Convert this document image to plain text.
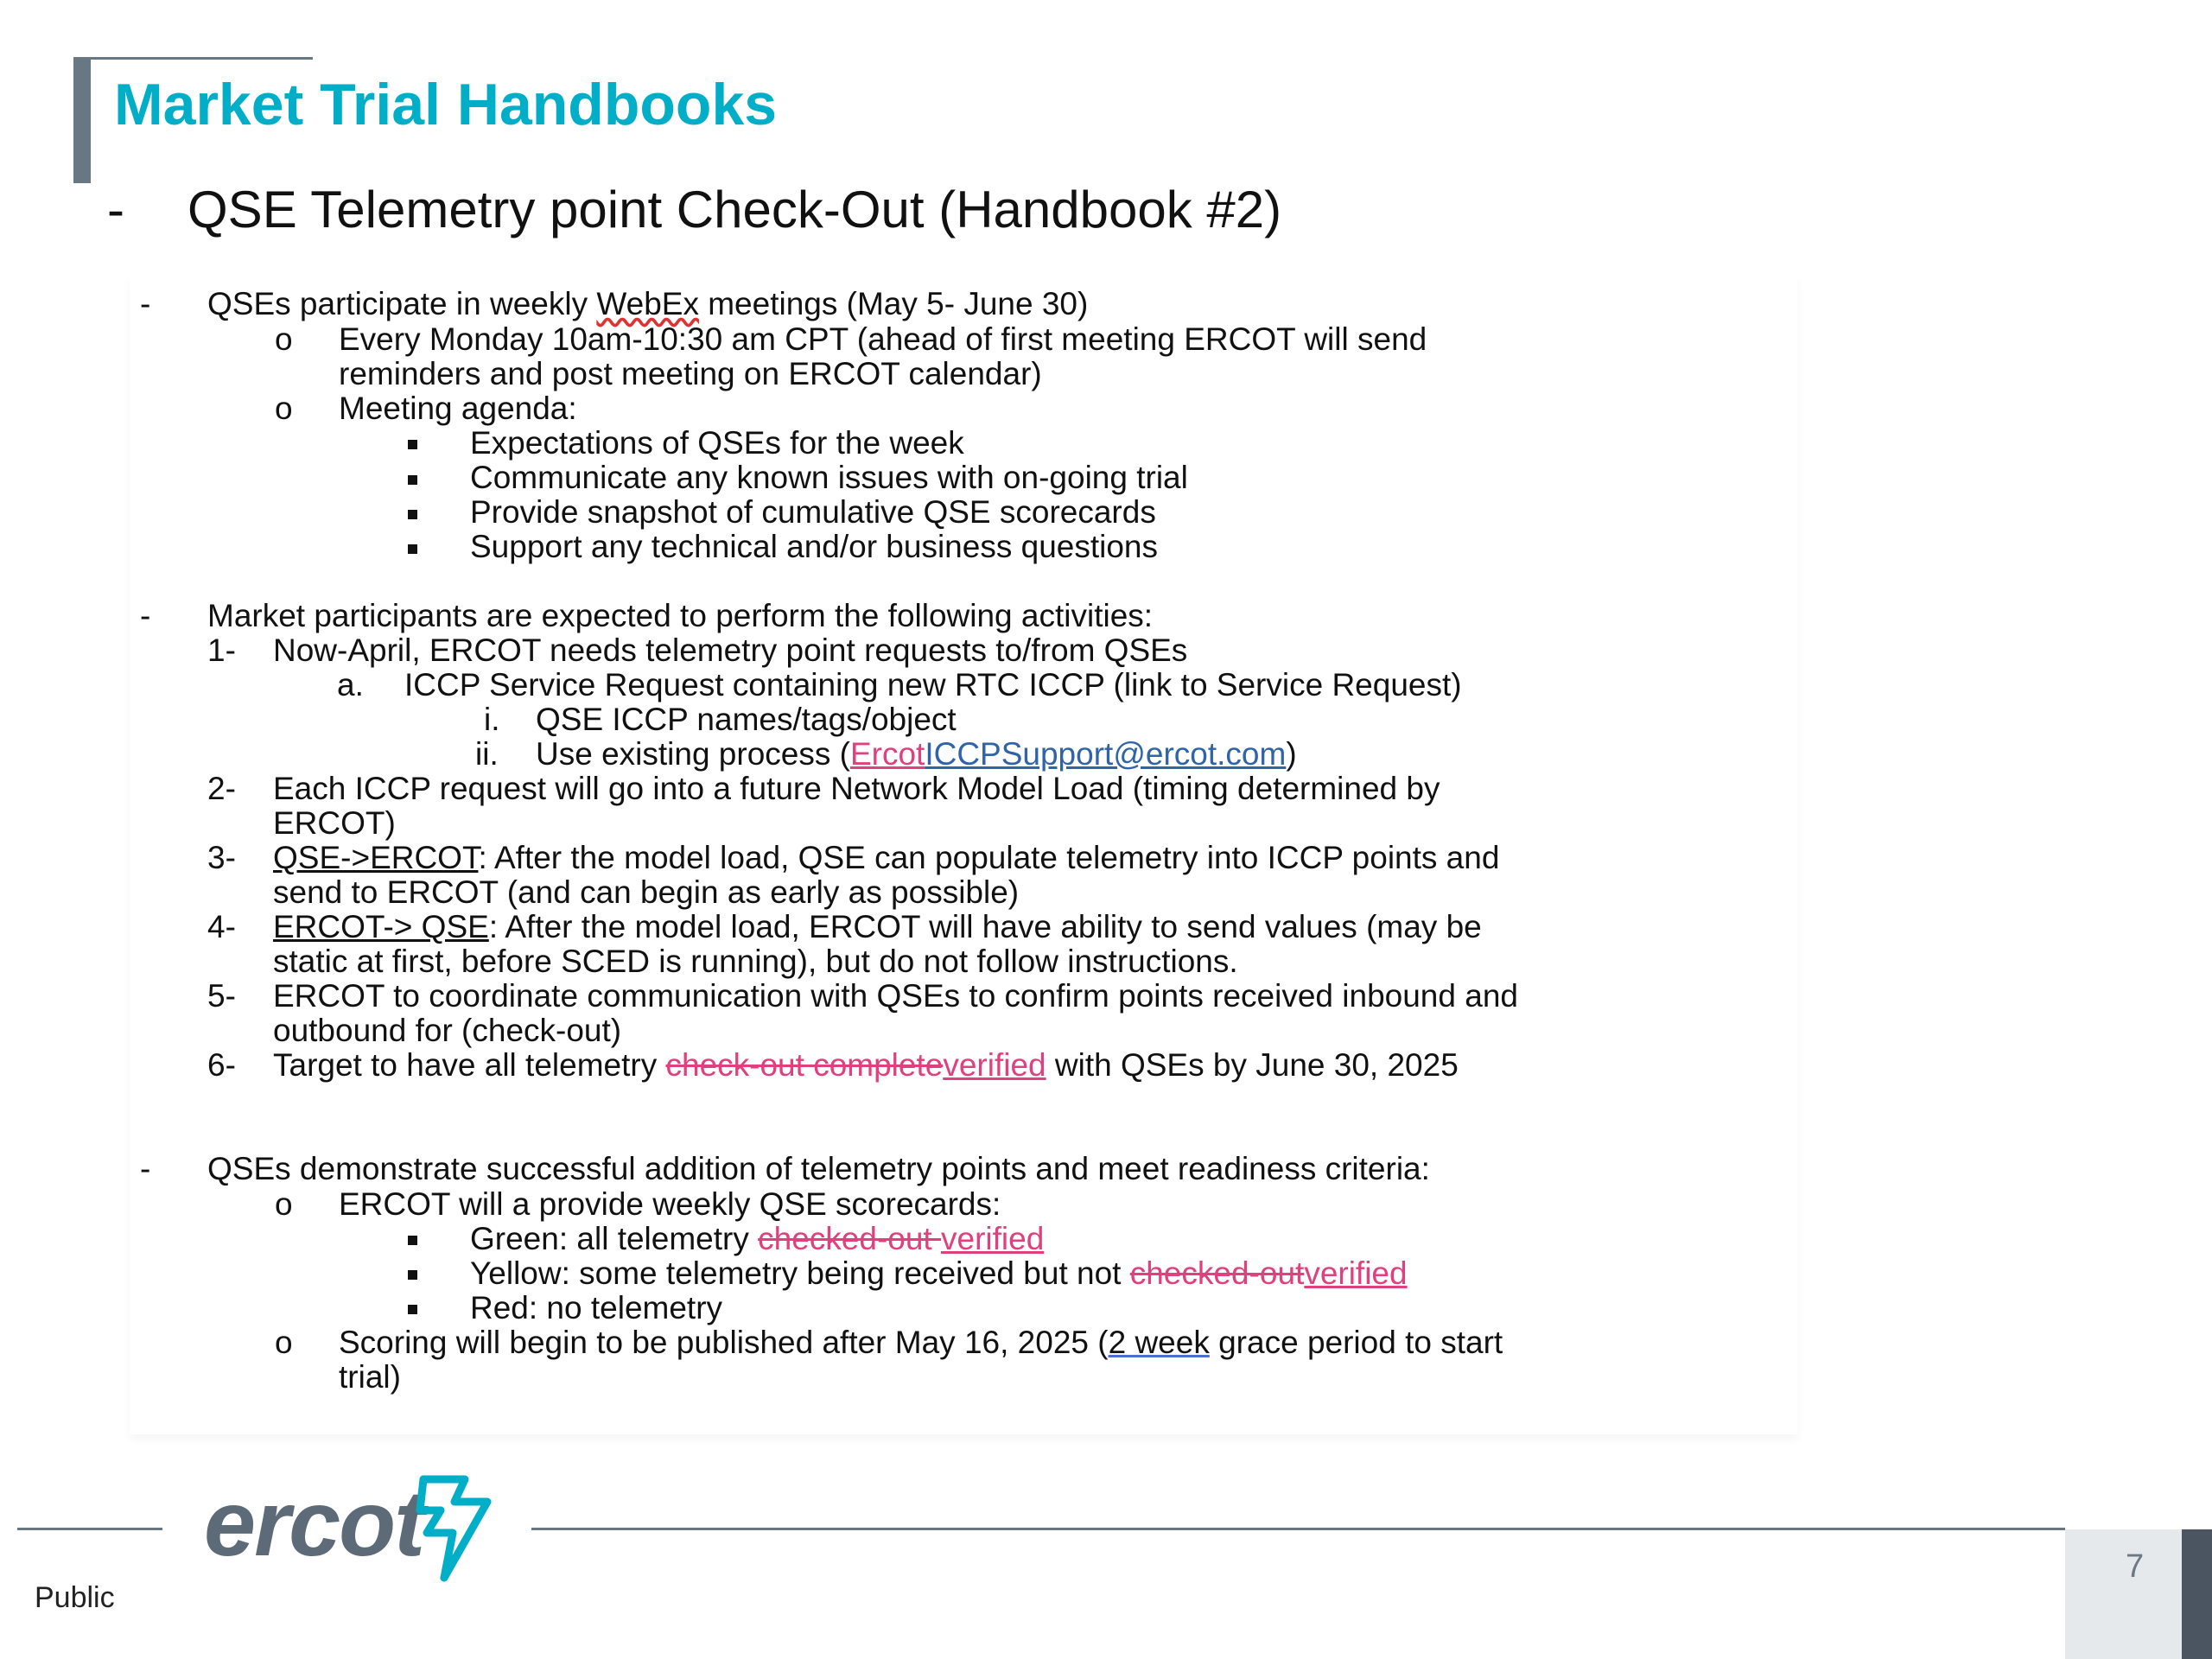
Market Trial Handbooks
- QSE Telemetry point Check-Out (Handbook #2)
- QSEs participate in weekly WebEx meetings (May 5- June 30)
o Every Monday 10am-10:30 am CPT (ahead of first meeting ERCOT will send
reminders and post meeting on ERCOT calendar)
o Meeting agenda:
Expectations of QSEs for the week
Communicate any known issues with on-going trial
Provide snapshot of cumulative QSE scorecards
Support any technical and/or business questions
- Market participants are expected to perform the following activities:
1- Now-April, ERCOT needs telemetry point requests to/from QSEs
a. ICCP Service Request containing new RTC ICCP (link to Service Request)
i. QSE ICCP names/tags/object
ii. Use existing process (ErcotICCPSupport@ercot.com)
2- Each ICCP request will go into a future Network Model Load (timing determined by
ERCOT)
3- QSE->ERCOT: After the model load, QSE can populate telemetry into ICCP points and
send to ERCOT (and can begin as early as possible)
4- ERCOT-> QSE: After the model load, ERCOT will have ability to send values (may be
static at first, before SCED is running), but do not follow instructions.
5- ERCOT to coordinate communication with QSEs to confirm points received inbound and
outbound for (check-out)
6- Target to have all telemetry check-out completeverified with QSEs by June 30, 2025
- QSEs demonstrate successful addition of telemetry points and meet readiness criteria:
o ERCOT will a provide weekly QSE scorecards:
Green: all telemetry checked-out verified
Yellow: some telemetry being received but not checked-outverified
Red: no telemetry
o Scoring will begin to be published after May 16, 2025 (2 week grace period to start
trial)
ercot
Public
7
